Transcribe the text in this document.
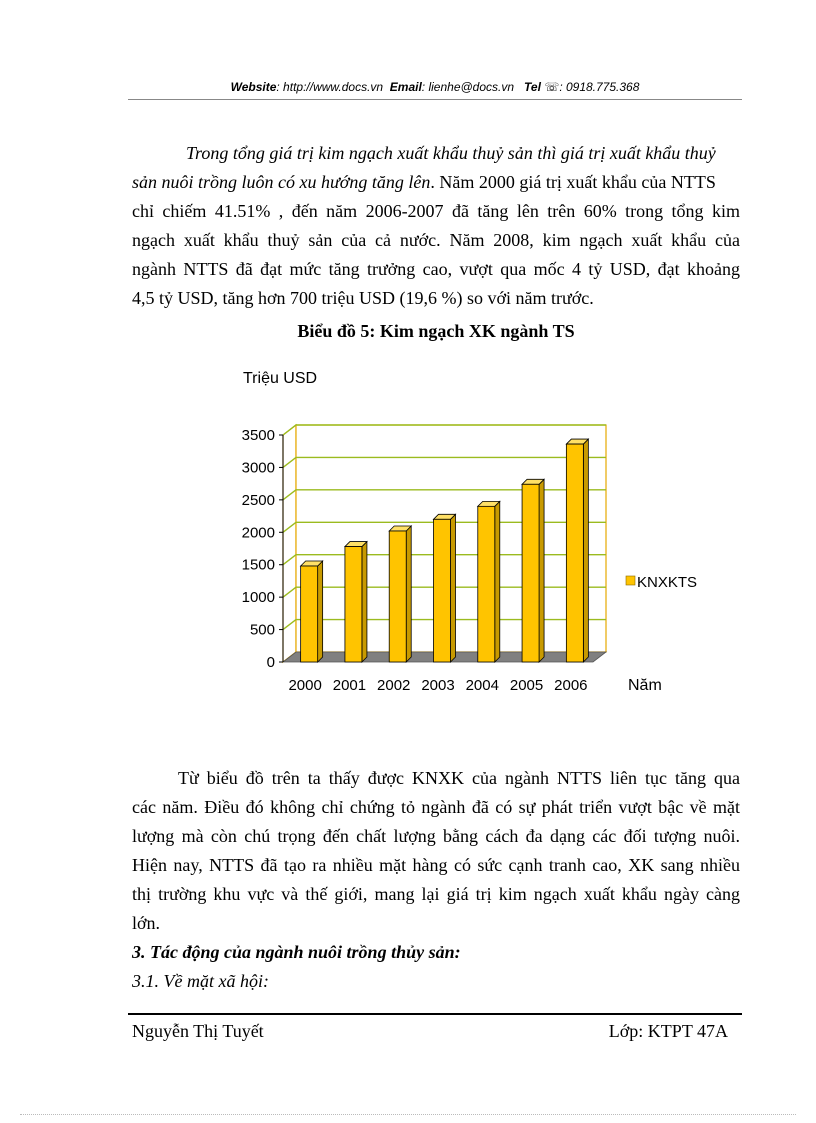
Website: http://www.docs.vn Email: lienhe@docs.vn Tel ☏: 0918.775.368
Trong tổng giá trị kim ngạch xuất khẩu thuỷ sản thì giá trị xuất khẩu thuỷ
sản nuôi trồng luôn có xu hướng tăng lên. Năm 2000 giá trị xuất khẩu của NTTS
chỉ chiếm 41.51% , đến năm 2006-2007 đã tăng lên trên 60% trong tổng kim
ngạch xuất khẩu thuỷ sản của cả nước. Năm 2008, kim ngạch xuất khẩu của
ngành NTTS đã đạt mức tăng trưởng cao, vượt qua mốc 4 tỷ USD, đạt khoảng
4,5 tỷ USD, tăng hơn 700 triệu USD (19,6 %) so với năm trước.
Biểu đồ 5: Kim ngạch XK ngành TS
0
500
1000
1500
2000
2500
3000
3500
2000 2001 2002 2003 2004 2005 2006
Triệu USD
Năm
KNXKTS
Từ biểu đồ trên ta thấy được KNXK của ngành NTTS liên tục tăng qua
các năm. Điều đó không chỉ chứng tỏ ngành đã có sự phát triển vượt bậc về mặt
lượng mà còn chú trọng đến chất lượng bằng cách đa dạng các đối tượng nuôi.
Hiện nay, NTTS đã tạo ra nhiều mặt hàng có sức cạnh tranh cao, XK sang nhiều
thị trường khu vực và thế giới, mang lại giá trị kim ngạch xuất khẩu ngày càng
lớn.
3. Tác động của ngành nuôi trồng thủy sản:
3.1. Về mặt xã hội:
Nguyễn Thị Tuyết	Lớp: KTPT 47A
